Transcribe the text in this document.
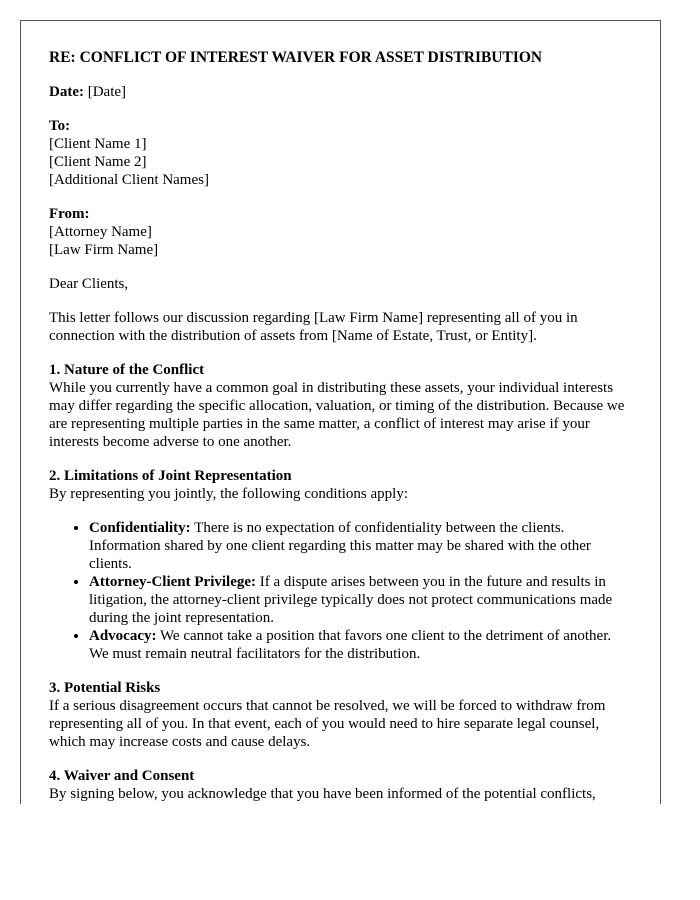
RE: CONFLICT OF INTEREST WAIVER FOR ASSET DISTRIBUTION

Date: [Date]

To:
[Client Name 1]
[Client Name 2]
[Additional Client Names]
From:
[Attorney Name]
[Law Firm Name]

Dear Clients,

This letter follows our discussion regarding [Law Firm Name] representing all of you in connection with the distribution of assets from [Name of Estate, Trust, or Entity].

1. Nature of the Conflict

While you currently have a common goal in distributing these assets, your individual interests may differ regarding the specific allocation, valuation, or timing of the distribution. Because we are representing multiple parties in the same matter, a conflict of interest may arise if your interests become adverse to one another.

2. Limitations of Joint Representation

By representing you jointly, the following conditions apply:

• Confidentiality: There is no expectation of confidentiality between the clients. Information shared by one client regarding this matter may be shared with the other clients.
• Attorney-Client Privilege: If a dispute arises between you in the future and results in litigation, the attorney-client privilege typically does not protect communications made during the joint representation.
• Advocacy: We cannot take a position that favors one client to the detriment of another. We must remain neutral facilitators for the distribution.
3. Potential Risks

If a serious disagreement occurs that cannot be resolved, we will be forced to withdraw from representing all of you. In that event, each of you would need to hire separate legal counsel, which may increase costs and cause delays.

4. Waiver and Consent

By signing below, you acknowledge that you have been informed of the potential conflicts,
